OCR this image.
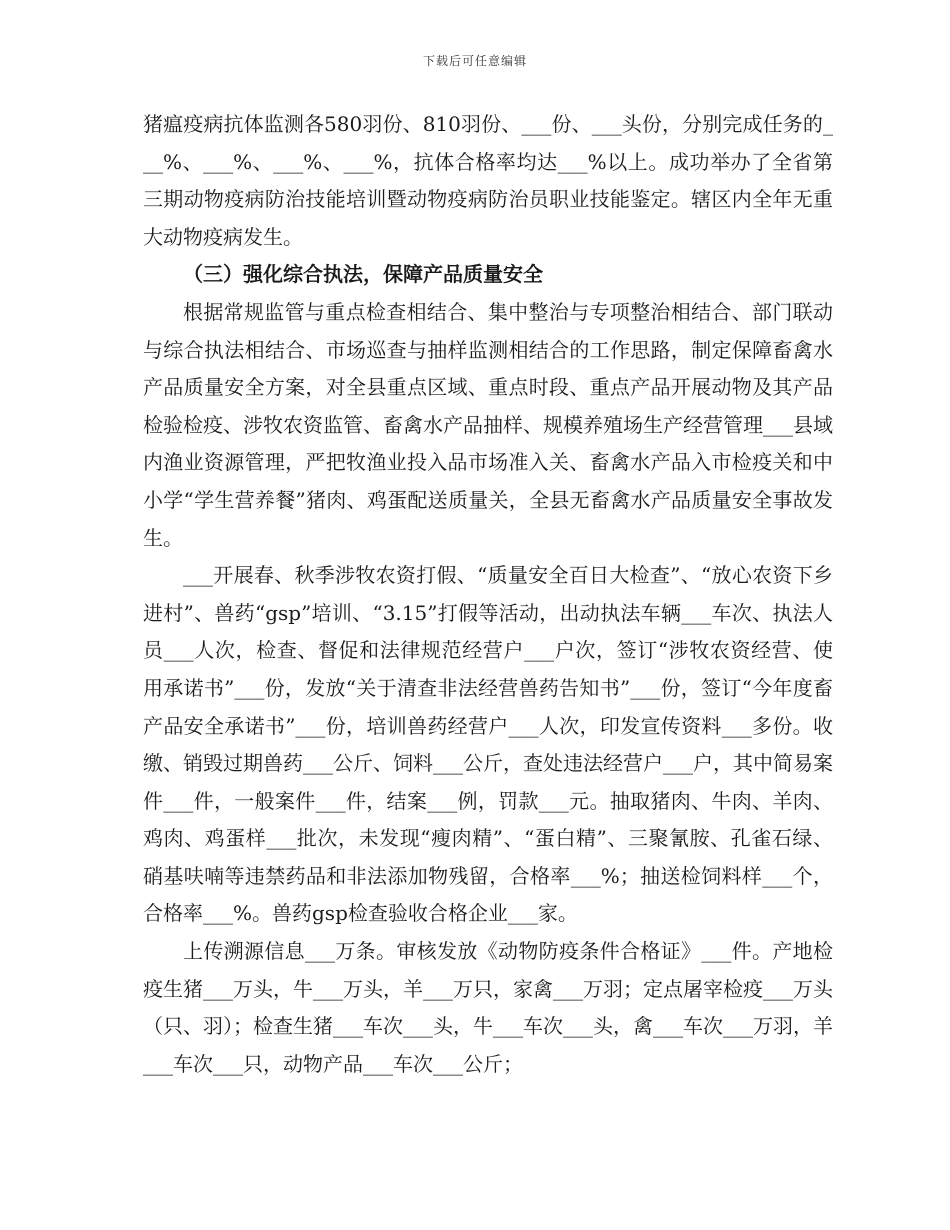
下载后可任意编辑

猪瘟疫病抗体监测各580羽份、810羽份、___份、___头份，分别完成任务的___%、___%、___%、___%，抗体合格率均达___%以上。成功举办了全省第三期动物疫病防治技能培训暨动物疫病防治员职业技能鉴定。辖区内全年无重大动物疫病发生。

（三）强化综合执法，保障产品质量安全

根据常规监管与重点检查相结合、集中整治与专项整治相结合、部门联动与综合执法相结合、市场巡查与抽样监测相结合的工作思路，制定保障畜禽水产品质量安全方案，对全县重点区域、重点时段、重点产品开展动物及其产品检验检疫、涉牧农资监管、畜禽水产品抽样、规模养殖场生产经营管理___县域内渔业资源管理，严把牧渔业投入品市场准入关、畜禽水产品入市检疫关和中小学“学生营养餐”猪肉、鸡蛋配送质量关，全县无畜禽水产品质量安全事故发生。

___开展春、秋季涉牧农资打假、“质量安全百日大检查”、“放心农资下乡进村”、兽药“gsp”培训、“3.15”打假等活动，出动执法车辆___车次、执法人员___人次，检查、督促和法律规范经营户___户次，签订“涉牧农资经营、使用承诺书”___份，发放“关于清查非法经营兽药告知书”___份，签订“今年度畜产品安全承诺书”___份，培训兽药经营户___人次，印发宣传资料___多份。收缴、销毁过期兽药___公斤、饲料___公斤，查处违法经营户___户，其中简易案件___件，一般案件___件，结案___例，罚款___元。抽取猪肉、牛肉、羊肉、鸡肉、鸡蛋样___批次，未发现“瘦肉精”、“蛋白精”、三聚氰胺、孔雀石绿、硝基呋喃等违禁药品和非法添加物残留，合格率___%；抽送检饲料样___个，合格率___%。兽药gsp检查验收合格企业___家。

上传溯源信息___万条。审核发放《动物防疫条件合格证》___件。产地检疫生猪___万头，牛___万头，羊___万只，家禽___万羽；定点屠宰检疫___万头（只、羽）；检查生猪___车次___头，牛___车次___头，禽___车次___万羽，羊___车次___只，动物产品___车次___公斤；
